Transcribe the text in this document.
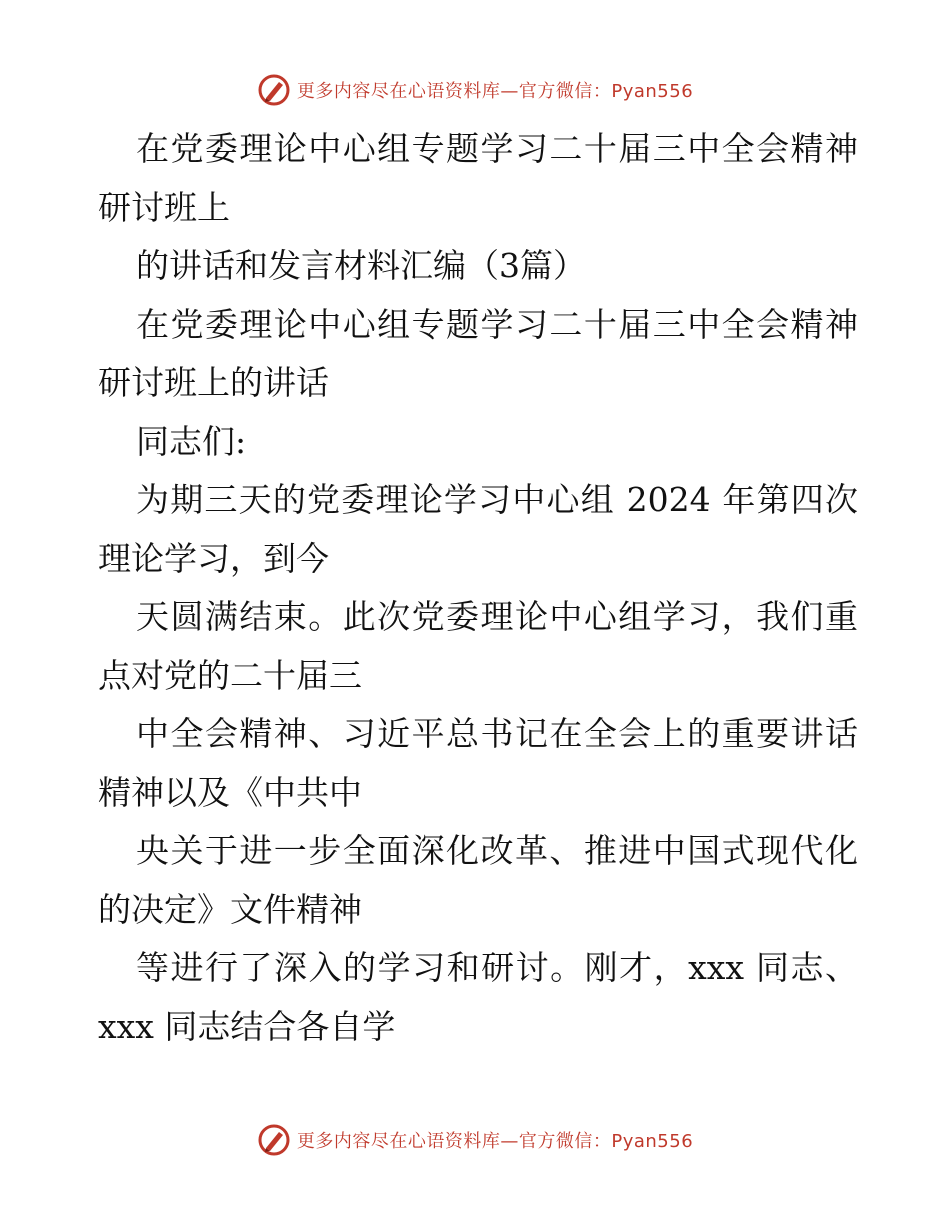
更多内容尽在心语资料库—官方微信：Pyan556
在党委理论中心组专题学习二十届三中全会精神
研讨班上
的讲话和发言材料汇编（3篇）
在党委理论中心组专题学习二十届三中全会精神
研讨班上的讲话
同志们:
为期三天的党委理论学习中心组 2024 年第四次
理论学习，到今
天圆满结束。此次党委理论中心组学习，我们重
点对党的二十届三
中全会精神、习近平总书记在全会上的重要讲话
精神以及《中共中
央关于进一步全面深化改革、推进中国式现代化
的决定》文件精神
等进行了深入的学习和研讨。刚才，xxx 同志、
xxx 同志结合各自学
更多内容尽在心语资料库—官方微信：Pyan556
